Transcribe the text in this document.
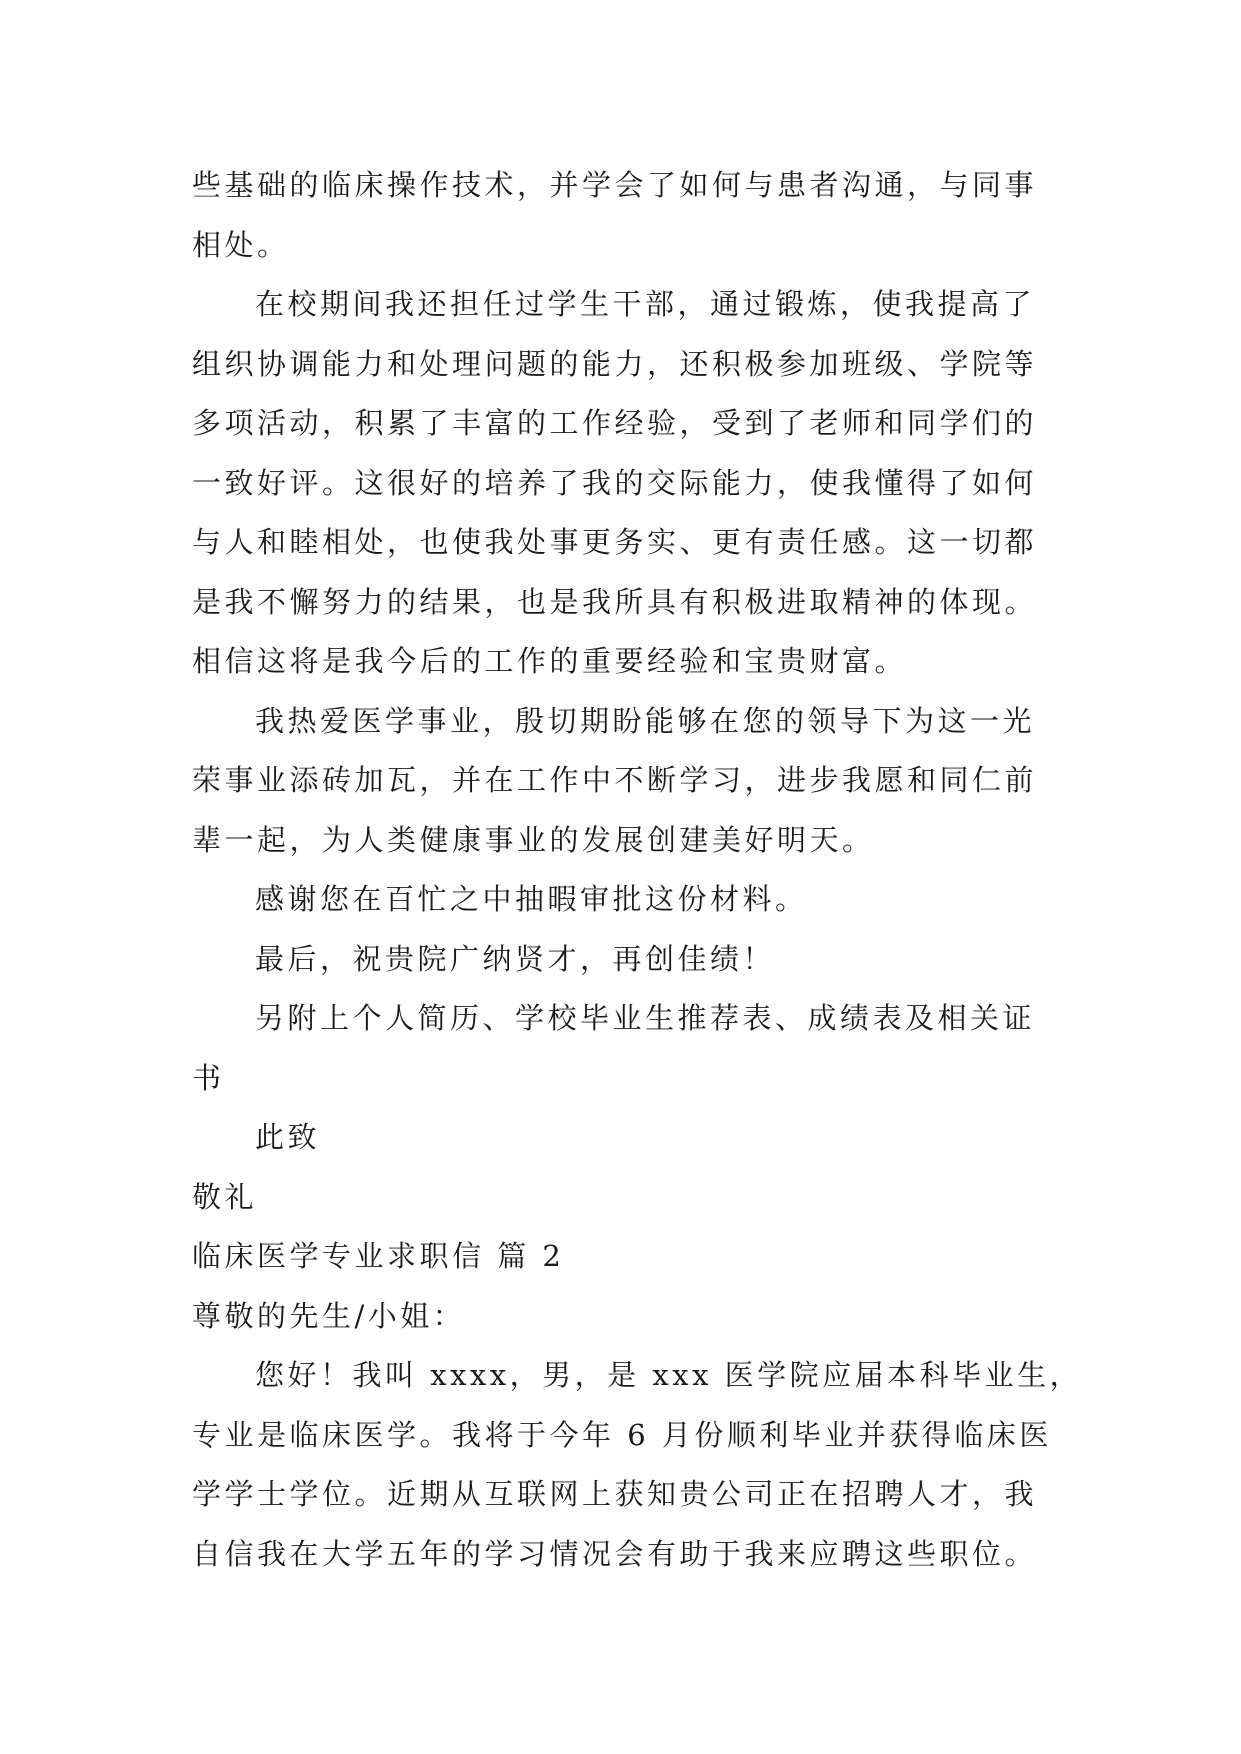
些基础的临床操作技术，并学会了如何与患者沟通，与同事
相处。
在校期间我还担任过学生干部，通过锻炼，使我提高了
组织协调能力和处理问题的能力，还积极参加班级、学院等
多项活动，积累了丰富的工作经验，受到了老师和同学们的
一致好评。这很好的培养了我的交际能力，使我懂得了如何
与人和睦相处，也使我处事更务实、更有责任感。这一切都
是我不懈努力的结果，也是我所具有积极进取精神的体现。
相信这将是我今后的工作的重要经验和宝贵财富。
我热爱医学事业，殷切期盼能够在您的领导下为这一光
荣事业添砖加瓦，并在工作中不断学习，进步我愿和同仁前
辈一起，为人类健康事业的发展创建美好明天。
感谢您在百忙之中抽暇审批这份材料。
最后，祝贵院广纳贤才，再创佳绩！
另附上个人简历、学校毕业生推荐表、成绩表及相关证
书
此致
敬礼
临床医学专业求职信 篇 2
尊敬的先生/小姐：
您好！我叫 xxxx，男，是 xxx 医学院应届本科毕业生，
专业是临床医学。我将于今年 6 月份顺利毕业并获得临床医
学学士学位。近期从互联网上获知贵公司正在招聘人才，我
自信我在大学五年的学习情况会有助于我来应聘这些职位。
